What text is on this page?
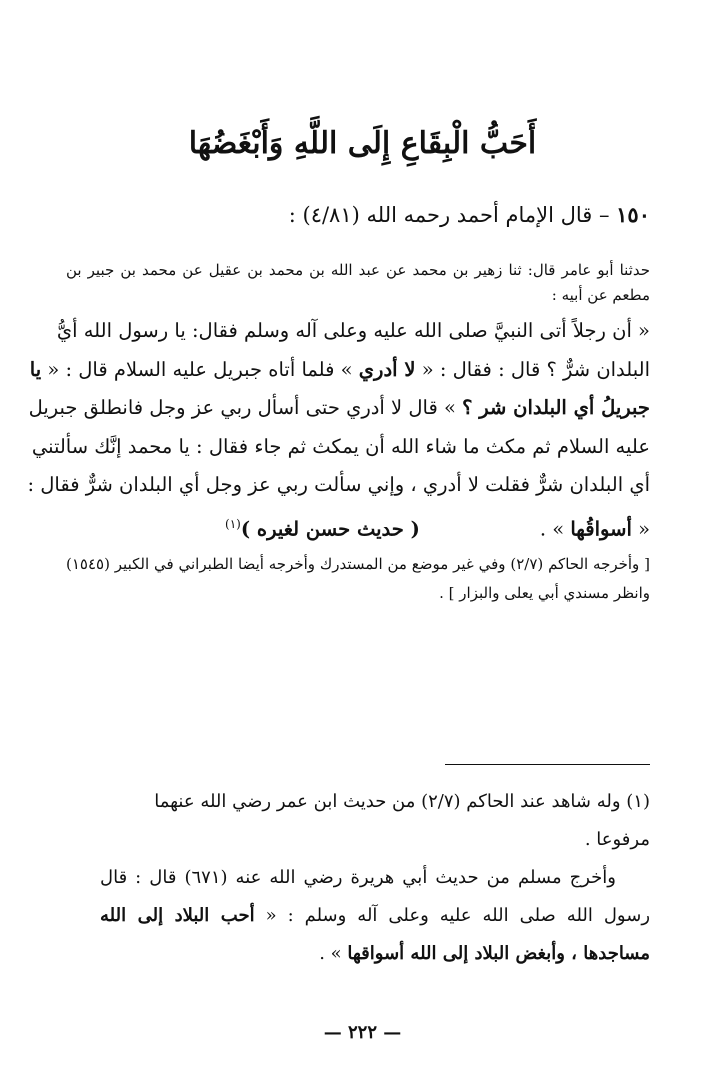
أَحَبُّ الْبِقَاعِ إِلَى اللَّهِ وَأَبْغَضُهَا
١٥٠ – قال الإمام أحمد رحمه الله (٤/٨١) :
حدثنا أبو عامر قال: ثنا زهير بن محمد عن عبد الله بن محمد بن عقيل عن محمد بن جبير بن مطعم عن أبيه :
« أن رجلاً أتى النبيَّ صلى الله عليه وعلى آله وسلم فقال: يا رسول الله أيُّ
البلدان شرٌّ ؟ قال : فقال : « لا أدري » فلما أتاه جبريل عليه السلام قال : « يا
جبريلُ أي البلدان شر ؟ » قال لا أدري حتى أسأل ربي عز وجل فانطلق جبريل
عليه السلام ثم مكث ما شاء الله أن يمكث ثم جاء فقال : يا محمد إنَّك سألتني
أي البلدان شرٌّ فقلت لا أدري ، وإني سألت ربي عز وجل أي البلدان شرٌّ فقال :
« أسواقُها » .( حديث حسن لغيره )$^{(١)}$
[ وأخرجه الحاكم (٢/٧) وفي غير موضع من المستدرك وأخرجه أيضا الطبراني في الكبير (١٥٤٥) وانظر مسندي أبي يعلى والبزار ] .
(١) وله شاهد عند الحاكم (٢/٧) من حديث ابن عمر رضي الله عنهما مرفوعا .
وأخرج مسلم من حديث أبي هريرة رضي الله عنه (٦٧١) قال : قال
رسول الله صلى الله عليه وعلى آله وسلم : « أحب البلاد إلى الله
مساجدها ، وأبغض البلاد إلى الله أسواقها » .
— ٢٢٢ —
